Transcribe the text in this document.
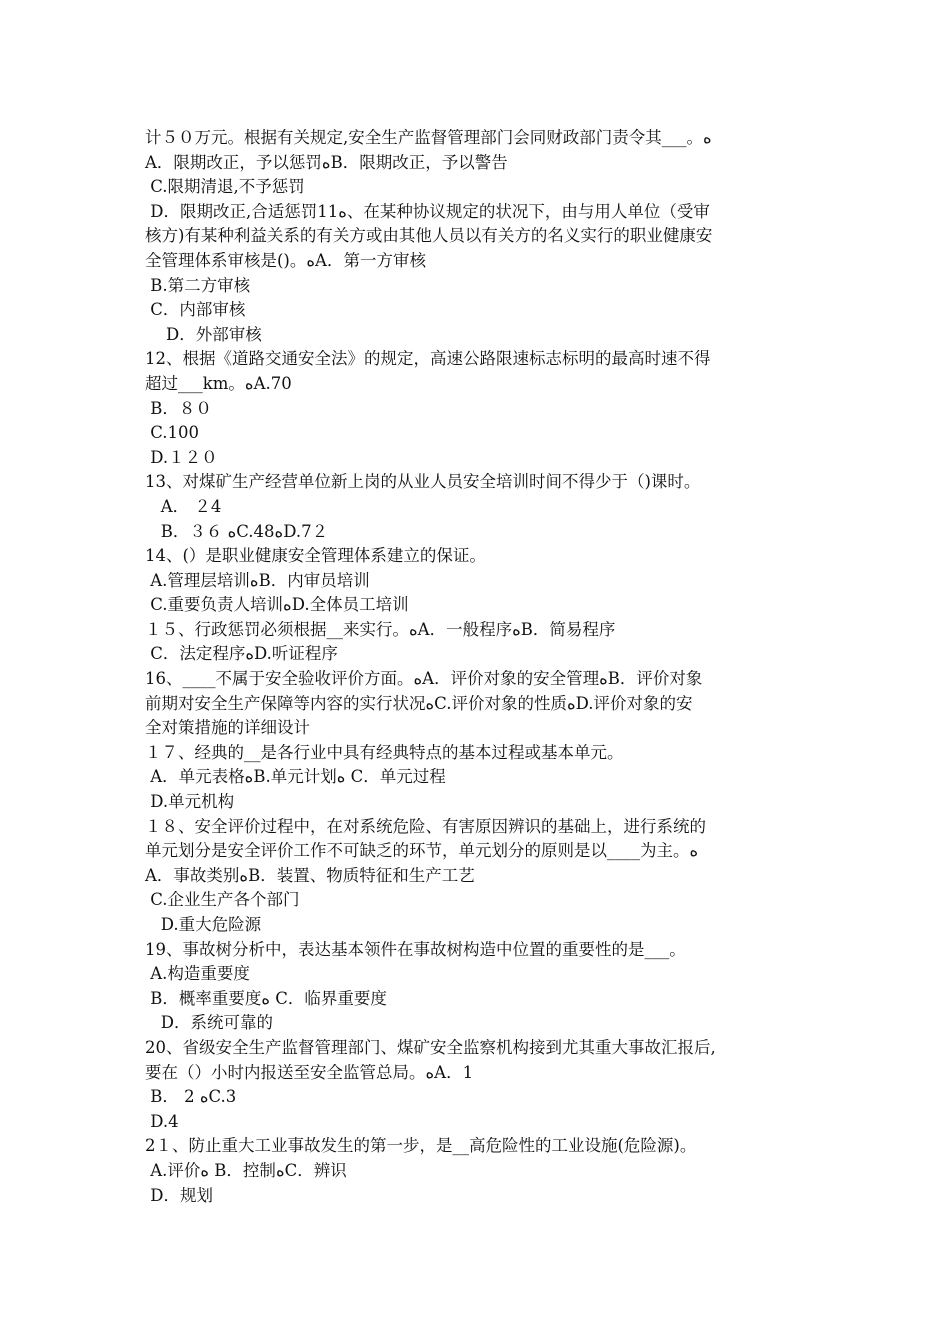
计５０万元。根据有关规定,安全生产监督管理部门会同财政部门责令其___。ﻩ
A．限期改正，予以惩罚ﻩB．限期改正，予以警告
C.限期清退,不予惩罚
D．限期改正,合适惩罚11ﻩ、在某种协议规定的状况下，由与用人单位（受审
核方)有某种利益关系的有关方或由其他人员以有关方的名义实行的职业健康安
全管理体系审核是()。ﻩA．第一方审核
B.第二方审核
C．内部审核
D．外部审核
12、根据《道路交通安全法》的规定，高速公路限速标志标明的最高时速不得
超过___km。ﻩA.70
B．８０
C.100
D.１２０
13、对煤矿生产经营单位新上岗的从业人员安全培训时间不得少于（)课时。
A． ２4
B．３６ ﻩC.48ﻩD.7２
14、(）是职业健康安全管理体系建立的保证。
A.管理层培训ﻩB．内审员培训
C.重要负责人培训ﻩD.全体员工培训
１５、行政惩罚必须根据__来实行。ﻩA．一般程序ﻩB．简易程序
C．法定程序ﻩD.听证程序
16、____不属于安全验收评价方面。ﻩA．评价对象的安全管理ﻩB．评价对象
前期对安全生产保障等内容的实行状况ﻩC.评价对象的性质ﻩD.评价对象的安
全对策措施的详细设计
１７、经典的__是各行业中具有经典特点的基本过程或基本单元。
A．单元表格ﻩB.单元计划ﻩ C．单元过程
D.单元机构
１８、安全评价过程中，在对系统危险、有害原因辨识的基础上，进行系统的
单元划分是安全评价工作不可缺乏的环节，单元划分的原则是以____为主。ﻩ
A．事故类别ﻩB．装置、物质特征和生产工艺
C.企业生产各个部门
D.重大危险源
19、事故树分析中，表达基本领件在事故树构造中位置的重要性的是___。
A.构造重要度
B．概率重要度ﻩ C．临界重要度
D．系统可靠的
20、省级安全生产监督管理部门、煤矿安全监察机构接到尤其重大事故汇报后,
要在（）小时内报送至安全监管总局。ﻩA．1
B． 2 ﻩC.3
D.4
2１、防止重大工业事故发生的第一步，是__高危险性的工业设施(危险源)。
A.评价ﻩ B．控制ﻩC．辨识
D．规划
